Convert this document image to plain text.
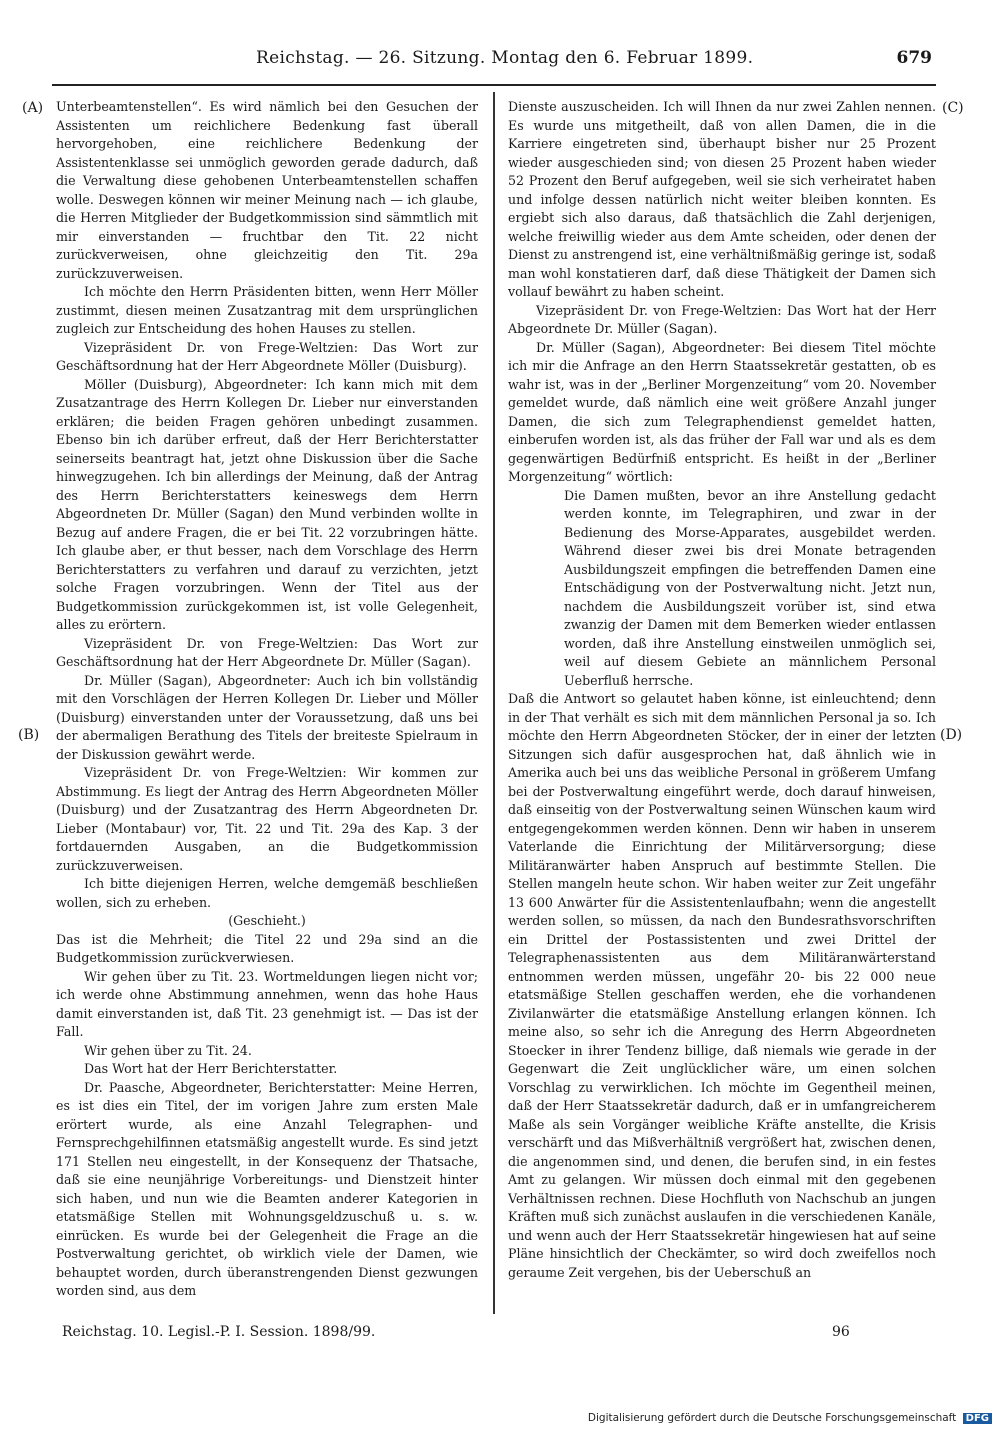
Reichstag. — 26. Sitzung. Montag den 6. Februar 1899.	679
(A)
(B)
(C)
(D)

Unterbeamtenstellen“. Es wird nämlich bei den Gesuchen der Assistenten um reichlichere Bedenkung fast überall hervorgehoben, eine reichlichere Bedenkung der Assistentenklasse sei unmöglich geworden gerade dadurch, daß die Verwaltung diese gehobenen Unterbeamtenstellen schaffen wolle. Deswegen können wir meiner Meinung nach — ich glaube, die Herren Mitglieder der Budgetkommission sind sämmtlich mit mir einverstanden — fruchtbar den Tit. 22 nicht zurückverweisen, ohne gleichzeitig den Tit. 29a zurückzuverweisen.

Ich möchte den Herrn Präsidenten bitten, wenn Herr Möller zustimmt, diesen meinen Zusatzantrag mit dem ursprünglichen zugleich zur Entscheidung des hohen Hauses zu stellen.

Vizepräsident Dr. von Frege-Weltzien: Das Wort zur Geschäftsordnung hat der Herr Abgeordnete Möller (Duisburg).

Möller (Duisburg), Abgeordneter: Ich kann mich mit dem Zusatzantrage des Herrn Kollegen Dr. Lieber nur einverstanden erklären; die beiden Fragen gehören unbedingt zusammen. Ebenso bin ich darüber erfreut, daß der Herr Berichterstatter seinerseits beantragt hat, jetzt ohne Diskussion über die Sache hinwegzugehen. Ich bin allerdings der Meinung, daß der Antrag des Herrn Berichterstatters keineswegs dem Herrn Abgeordneten Dr. Müller (Sagan) den Mund verbinden wollte in Bezug auf andere Fragen, die er bei Tit. 22 vorzubringen hätte. Ich glaube aber, er thut besser, nach dem Vorschlage des Herrn Berichterstatters zu verfahren und darauf zu verzichten, jetzt solche Fragen vorzubringen. Wenn der Titel aus der Budgetkommission zurückgekommen ist, ist volle Gelegenheit, alles zu erörtern.

Vizepräsident Dr. von Frege-Weltzien: Das Wort zur Geschäftsordnung hat der Herr Abgeordnete Dr. Müller (Sagan).

Dr. Müller (Sagan), Abgeordneter: Auch ich bin vollständig mit den Vorschlägen der Herren Kollegen Dr. Lieber und Möller (Duisburg) einverstanden unter der Voraussetzung, daß uns bei der abermaligen Berathung des Titels der breiteste Spielraum in der Diskussion gewährt werde.

Vizepräsident Dr. von Frege-Weltzien: Wir kommen zur Abstimmung. Es liegt der Antrag des Herrn Abgeordneten Möller (Duisburg) und der Zusatzantrag des Herrn Abgeordneten Dr. Lieber (Montabaur) vor, Tit. 22 und Tit. 29a des Kap. 3 der fortdauernden Ausgaben, an die Budgetkommission zurückzuverweisen.

Ich bitte diejenigen Herren, welche demgemäß beschließen wollen, sich zu erheben.

(Geschieht.)

Das ist die Mehrheit; die Titel 22 und 29a sind an die Budgetkommission zurückverwiesen.

Wir gehen über zu Tit. 23. Wortmeldungen liegen nicht vor; ich werde ohne Abstimmung annehmen, wenn das hohe Haus damit einverstanden ist, daß Tit. 23 genehmigt ist. — Das ist der Fall.

Wir gehen über zu Tit. 24.

Das Wort hat der Herr Berichterstatter.

Dr. Paasche, Abgeordneter, Berichterstatter: Meine Herren, es ist dies ein Titel, der im vorigen Jahre zum ersten Male erörtert wurde, als eine Anzahl Telegraphen- und Fernsprechgehilfinnen etatsmäßig angestellt wurde. Es sind jetzt 171 Stellen neu eingestellt, in der Konsequenz der Thatsache, daß sie eine neunjährige Vorbereitungs- und Dienstzeit hinter sich haben, und nun wie die Beamten anderer Kategorien in etatsmäßige Stellen mit Wohnungsgeldzuschuß u. s. w. einrücken. Es wurde bei der Gelegenheit die Frage an die Postverwaltung gerichtet, ob wirklich viele der Damen, wie behauptet worden, durch überanstrengenden Dienst gezwungen worden sind, aus dem

Dienste auszuscheiden. Ich will Ihnen da nur zwei Zahlen nennen. Es wurde uns mitgetheilt, daß von allen Damen, die in die Karriere eingetreten sind, überhaupt bisher nur 25 Prozent wieder ausgeschieden sind; von diesen 25 Prozent haben wieder 52 Prozent den Beruf aufgegeben, weil sie sich verheiratet haben und infolge dessen natürlich nicht weiter bleiben konnten. Es ergiebt sich also daraus, daß thatsächlich die Zahl derjenigen, welche freiwillig wieder aus dem Amte scheiden, oder denen der Dienst zu anstrengend ist, eine verhältnißmäßig geringe ist, sodaß man wohl konstatieren darf, daß diese Thätigkeit der Damen sich vollauf bewährt zu haben scheint.

Vizepräsident Dr. von Frege-Weltzien: Das Wort hat der Herr Abgeordnete Dr. Müller (Sagan).

Dr. Müller (Sagan), Abgeordneter: Bei diesem Titel möchte ich mir die Anfrage an den Herrn Staatssekretär gestatten, ob es wahr ist, was in der „Berliner Morgenzeitung“ vom 20. November gemeldet wurde, daß nämlich eine weit größere Anzahl junger Damen, die sich zum Telegraphendienst gemeldet hatten, einberufen worden ist, als das früher der Fall war und als es dem gegenwärtigen Bedürfniß entspricht. Es heißt in der „Berliner Morgenzeitung“ wörtlich:

Die Damen mußten, bevor an ihre Anstellung gedacht werden konnte, im Telegraphiren, und zwar in der Bedienung des Morse-Apparates, ausgebildet werden. Während dieser zwei bis drei Monate betragenden Ausbildungszeit empfingen die betreffenden Damen eine Entschädigung von der Postverwaltung nicht. Jetzt nun, nachdem die Ausbildungszeit vorüber ist, sind etwa zwanzig der Damen mit dem Bemerken wieder entlassen worden, daß ihre Anstellung einstweilen unmöglich sei, weil auf diesem Gebiete an männlichem Personal Ueberfluß herrsche.

Daß die Antwort so gelautet haben könne, ist einleuchtend; denn in der That verhält es sich mit dem männlichen Personal ja so. Ich möchte den Herrn Abgeordneten Stöcker, der in einer der letzten Sitzungen sich dafür ausgesprochen hat, daß ähnlich wie in Amerika auch bei uns das weibliche Personal in größerem Umfang bei der Postverwaltung eingeführt werde, doch darauf hinweisen, daß einseitig von der Postverwaltung seinen Wünschen kaum wird entgegengekommen werden können. Denn wir haben in unserem Vaterlande die Einrichtung der Militärversorgung; diese Militäranwärter haben Anspruch auf bestimmte Stellen. Die Stellen mangeln heute schon. Wir haben weiter zur Zeit ungefähr 13 600 Anwärter für die Assistentenlaufbahn; wenn die angestellt werden sollen, so müssen, da nach den Bundesrathsvorschriften ein Drittel der Postassistenten und zwei Drittel der Telegraphenassistenten aus dem Militäranwärterstand entnommen werden müssen, ungefähr 20- bis 22 000 neue etatsmäßige Stellen geschaffen werden, ehe die vorhandenen Zivilanwärter die etatsmäßige Anstellung erlangen können. Ich meine also, so sehr ich die Anregung des Herrn Abgeordneten Stoecker in ihrer Tendenz billige, daß niemals wie gerade in der Gegenwart die Zeit unglücklicher wäre, um einen solchen Vorschlag zu verwirklichen. Ich möchte im Gegentheil meinen, daß der Herr Staatssekretär dadurch, daß er in umfangreicherem Maße als sein Vorgänger weibliche Kräfte anstellte, die Krisis verschärft und das Mißverhältniß vergrößert hat, zwischen denen, die angenommen sind, und denen, die berufen sind, in ein festes Amt zu gelangen. Wir müssen doch einmal mit den gegebenen Verhältnissen rechnen. Diese Hochfluth von Nachschub an jungen Kräften muß sich zunächst auslaufen in die verschiedenen Kanäle, und wenn auch der Herr Staatssekretär hingewiesen hat auf seine Pläne hinsichtlich der Checkämter, so wird doch zweifellos noch geraume Zeit vergehen, bis der Ueberschuß an

Reichstag. 10. Legisl.-P. I. Session. 1898/99.	96
Digitalisierung gefördert durch die Deutsche Forschungsgemeinschaft DFG
